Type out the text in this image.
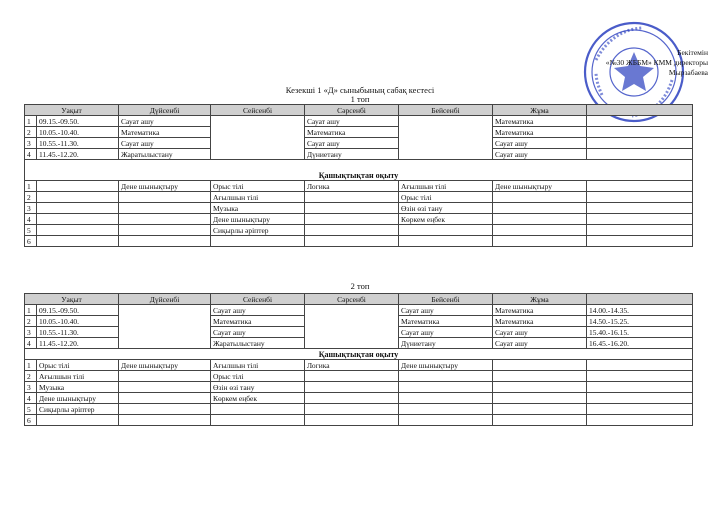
Бекітемін
«№30 ЖББМ» КММ директоры
Мырзабаева
Кезекші 1 «Д» сыныбының сабақ кестесі
1 топ
Уақыт		Дүйсенбі	Сейсенбі	Сәрсенбі	Бейсенбі	Жұма	
1	09.15.-09.50.	Сауат ашу		Сауат ашу		Математика	
2	10.05.-10.40.	Математика		Математика		Математика	
3	10.55.-11.30.	Сауат ашу		Сауат ашу		Сауат ашу	
4	11.45.-12.20.	Жаратылыстану		Дүниетану		Сауат ашу	

Қашықтықтан оқыту							
1		Дене шынықтыру	Орыс тілі	Логика	Ағылшын тілі	Дене шынықтыру	
2			Ағылшын тілі		Орыс тілі		
3			Музыка		Өзін өзі тану		
4			Дене шынықтыру		Көркем еңбек		
5			Сиқырлы әріптер				
6							
2 топ
Уақыт		Дүйсенбі	Сейсенбі	Сәрсенбі	Бейсенбі	Жұма	
1	09.15.-09.50.		Сауат ашу		Сауат ашу	Математика	14.00.-14.35.
2	10.05.-10.40.		Математика		Математика	Математика	14.50.-15.25.
3	10.55.-11.30.		Сауат ашу		Сауат ашу	Сауат ашу	15.40.-16.15.
4	11.45.-12.20.		Жаратылыстану		Дүниетану	Сауат ашу	16.45.-16.20.
Қашықтықтан оқыту							
1	Орыс тілі	Дене шынықтыру	Ағылшын тілі	Логика	Дене шынықтыру		
2	Ағылшын тілі		Орыс тілі				
3	Музыка		Өзін өзі тану				
4	Дене шынықтыру		Көркем еңбек				
5	Сиқырлы әріптер						
6							
